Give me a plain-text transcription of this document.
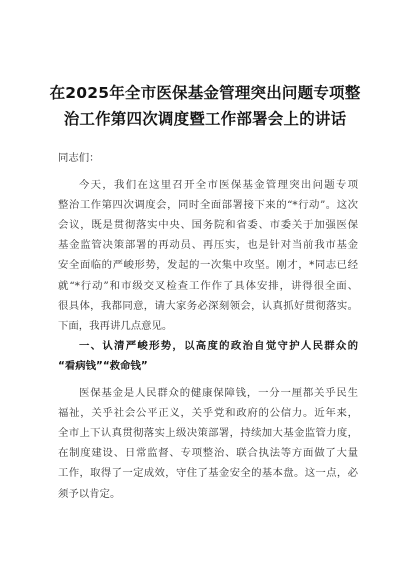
在2025年全市医保基金管理突出问题专项整
治工作第四次调度暨工作部署会上的讲话
同志们：
今天，我们在这里召开全市医保基金管理突出问题专项
整治工作第四次调度会，同时全面部署接下来的“*行动”。这次
会议，既是贯彻落实中央、国务院和省委、市委关于加强医保
基金监管决策部署的再动员、再压实，也是针对当前我市基金
安全面临的严峻形势，发起的一次集中攻坚。刚才，*同志已经
就“*行动”和市级交叉检查工作作了具体安排，讲得很全面、
很具体，我都同意，请大家务必深刻领会，认真抓好贯彻落实。
下面，我再讲几点意见。
一、认清严峻形势，以高度的政治自觉守护人民群众的
“看病钱”“救命钱”
医保基金是人民群众的健康保障钱，一分一厘都关乎民生
福祉，关乎社会公平正义，关乎党和政府的公信力。近年来，
全市上下认真贯彻落实上级决策部署，持续加大基金监管力度，
在制度建设、日常监督、专项整治、联合执法等方面做了大量
工作，取得了一定成效，守住了基金安全的基本盘。这一点，必
须予以肯定。
